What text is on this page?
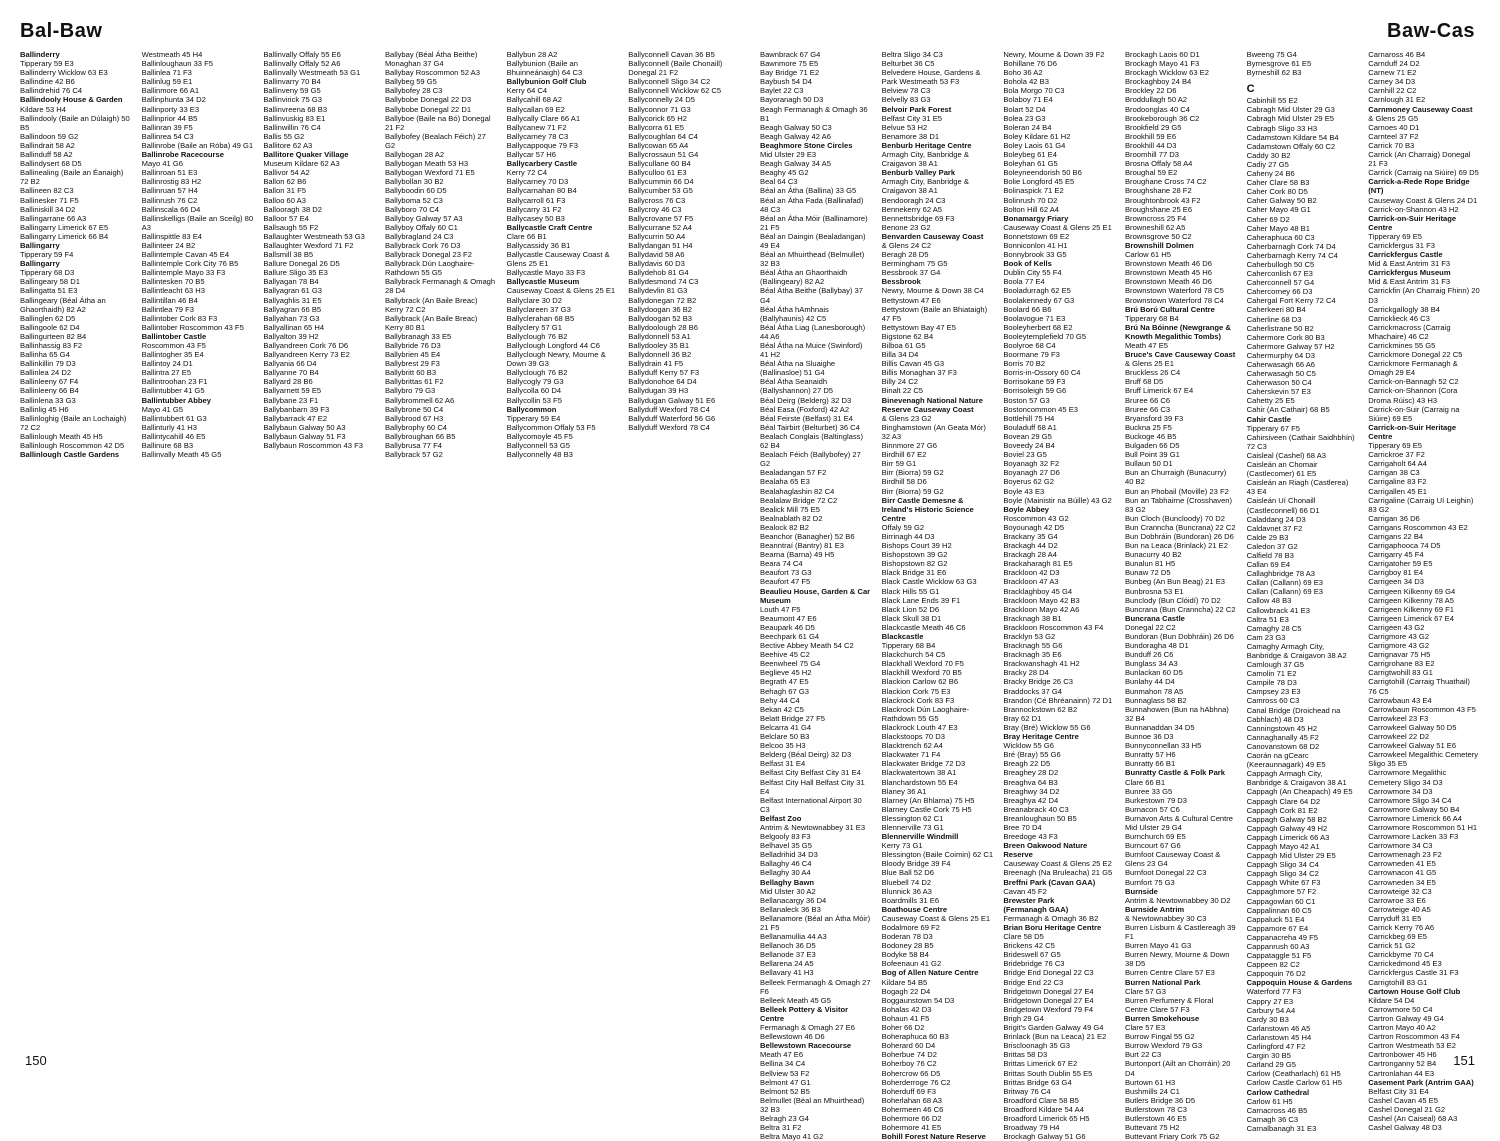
Bal-Baw
Ballinderry
Tipperary 59 E3
Ballinderry Wicklow 63 E3
Ballindine 42 B6
Ballindrehid 76 C4
Ballindooly House & Garden
Kildare 53 H4
Ballindooly (Baile an Dúlaigh) 50 B5
Ballindoon 59 G2
Ballindrait 58 A2
Ballinduff 58 A2
Ballindysert 68 D5
Ballinealing (Baile an Éanaigh) 72 B2
Ballineen 82 C3
Ballinesker 71 F5
Balliniskill 34 D2
Ballingarrane 66 A3
Ballingarry Limerick 67 E5
Ballingarry Limerick 66 B4
Ballingarry
Tipperary 59 F4
Ballingarry
Tipperary 68 D3
Ballingeary 58 D1
Ballingatta 51 E3
Ballingeary (Béal Átha an Ghaorthaidh) 82 A2
Ballinglen 62 D5
Ballingoole 62 D4
Ballingurteen 82 B4
Ballinhassig 83 F2
Ballinha 65 G4
Ballinkillin 79 D3
Ballinlea 24 D2
Ballinleeny 67 F4
Ballinleeny 66 B4
Ballinlena 33 G3
Ballinlig 45 H6
Ballinloghig (Baile an Lochaigh) 72 C2
Ballinlough Meath 45 H5
Ballinlough Roscommon 42 D5
Ballinlough Castle Gardens
Westmeath 45 H4
Ballinloughaun 33 F5
Ballinlea 71 F3
Ballinlug 59 E1
Ballinmore 66 A1
Ballinphunta 34 D2
Ballinporty 33 E3
Ballinprior 44 B5
Ballinran 39 F5
Ballinrea 54 C3
Ballinrobe (Baile an Róba) 49 G1
Ballinrobe Racecourse
Mayo 41 G6
Ballinroan 51 E3
Ballinrostig 83 H2
Ballinruan 57 H4
Ballinrush 76 C2
Ballinscala 66 D4
Ballinskelligs (Baile an Sceilg) 80 A3
Ballinspittle 83 E4
Ballinteer 24 B2
Ballintemple Cavan 45 E4
Ballintemple Cork City 76 B5
Ballintemple Mayo 33 F3
Ballintesken 70 B5
Ballintleacht 63 H3
Ballintillan 46 B4
Ballintlea 79 F3
Ballintober Cork 83 F3
Ballintober Roscommon 43 F5
Ballintober Castle
Roscommon 43 F5
Ballintogher 35 E4
Ballintoy 24 D1
Ballintra 27 E5
Ballintroohan 23 F1
Ballintubber 41 G5
Ballintubber Abbey
Mayo 41 G5
Ballintubbert 61 G3
Ballinturly 41 H3
Ballintycahill 46 E5
Ballinure 68 B3
Ballinvally Meath 45 G5
Ballinvally Offaly 55 E6
Ballinvally Offaly 52 A6
Ballinvally Westmeath 53 G1
Ballinvarry 70 B4
Ballinveny 59 G5
Ballinvirick 75 G3
Ballinvreena 68 B3
Ballinvuskig 83 E1
Ballinwillin 76 C4
Ballis 55 G2
Ballitore 62 A3
Ballitore Quaker Village
Museum Kildare 62 A3
Ballivor 54 A2
Ballon 62 B6
Ballon 31 F5
Balloo 60 A3
Ballooragh 38 D2
Balloor 57 E4
Ballsaugh 55 F2
Ballaughter Westmeath 53 G3
Ballaughter Wexford 71 F2
Ballsmill 38 B5
Ballure Donegal 26 D5
Ballure Sligo 35 E3
Ballyagan 78 B4
Ballyagran 61 G3
Ballyaghlis 31 E5
Ballyagran 66 B5
Ballyahan 73 G3
Ballyallinan 65 H4
Ballyalton 39 H2
Ballyandreen Cork 76 D6
Ballyandreen Kerry 73 E2
Ballyania 66 D4
Ballyanne 70 B4
Ballyard 28 B6
Ballyarnett 59 E5
Ballybane 23 F1
Ballybanbarn 39 F3
Ballybarrack 47 E2
Ballybaun Galway 50 A3
Ballybaun Galway 51 F3
Ballybaun Roscommon 43 F3
Ballybay (Béal Átha Beithe) Monaghan 37 G4
Ballybay Roscommon 52 A3
Ballybeg 59 G5
Ballybofey 28 C3
Ballybobe Donegal 22 D3
Ballybobe Donegal 22 D1
Ballyboe (Baile na Bó) Donegal 21 F2
Ballybofey (Bealach Féich) 27 G2
Ballybogan 28 A2
Ballybogan Meath 53 H3
Ballybogan Wexford 71 E5
Ballybollan 30 B2
Ballyboodin 60 D5
Ballyboma 52 C3
Ballyboro 70 C4
Ballyboy Galway 57 A3
Ballyboy Offaly 60 C1
Ballybragland 24 C3
Ballybrack Cork 76 D3
Ballybrack Donegal 23 F2
Ballybrack Dún Laoghaire-Rathdown 55 G5
Ballybrack Fermanagh & Omagh 28 D4
Ballybrack (An Baile Breac) Kerry 72 C2
Ballybrack (An Baile Breac) Kerry 80 B1
Ballybranagh 33 E5
Ballybride 76 D3
Ballybrien 45 E4
Ballybrest 29 F3
Ballybritt 60 B3
Ballybrittas 61 F2
Ballybro 79 G3
Ballybrommell 62 A6
Ballybrone 50 C4
Ballybrood 67 H3
Ballybrophy 60 C4
Ballybroughan 66 B5
Ballybrusa 77 F4
Ballybrack 57 G2
Ballybun 28 A2
Ballybunion (Baile an Bhuinneánaigh) 64 C3
Ballybunion Golf Club
Kerry 64 C4
Ballycahill 68 A2
Ballycallan 69 E2
Ballycally Clare 66 A1
Ballycanew 71 F2
Ballycarney 78 C3
Ballycappoque 79 F3
Ballycar 57 H6
Ballycarbery Castle
Kerry 72 C4
Ballycarney 70 D3
Ballycarnahan 80 B4
Ballycarroll 61 F3
Ballycarry 31 F2
Ballycasey 50 B3
Ballycastle Craft Centre
Clare 66 B1
Ballycassidy 36 B1
Ballycastle Causeway Coast & Glens 25 E1
Ballycastle Mayo 33 F3
Ballycastle Museum
Causeway Coast & Glens 25 E1
Ballyclare 30 D2
Ballyclareen 37 G3
Ballyclerahan 68 B5
Ballyclery 57 G1
Ballyclough 76 B2
Ballyclough Longford 44 C6
Ballyclough Newry, Mourne & Down 39 G3
Ballyclough 76 B2
Ballycogly 79 G3
Ballycolla 60 D4
Ballycollin 53 F5
Ballycommon
Tipperary 59 E4
Ballycommon Offaly 53 F5
Ballycomoyle 45 F5
Ballyconnell 53 G5
Ballyconnelly 48 B3
Ballyconnell Cavan 36 B5
Ballyconnell (Baile Chonaill) Donegal 21 F2
Ballyconnell Sligo 34 C2
Ballyconnell Wicklow 62 C5
Ballyconnelly 24 D5
Ballyconnor 71 G3
Ballycorick 65 H2
Ballycorra 61 E5
Ballycoughlan 64 C4
Ballycowan 65 A4
Ballycrossaun 51 G4
Ballycullane 60 B4
Ballyculloo 61 E3
Ballycummin 66 D4
Ballycumber 53 G5
Ballycross 76 C3
Ballycroy 46 C3
Ballycrovane 57 F5
Ballycurrane 52 A4
Ballycurrin 50 A4
Ballydangan 51 H4
Ballydavid 58 A6
Ballydavis 60 D3
Ballydehob 81 G4
Ballydesmond 74 C3
Ballydevlin 81 G3
Ballydonegan 72 B2
Ballydoogan 36 B2
Ballydoogan 52 B3
Ballydoolough 28 B6
Ballydonnell 53 A1
Ballydooley 35 B1
Ballydonnell 36 B2
Ballydrain 41 F5
Ballyduff Kerry 57 F3
Ballydonohoe 64 D4
Ballydugan 39 H3
Ballydugan Galway 51 E6
Ballyduff Wexford 78 C4
Ballyduff Waterford 56 G6
Ballyduff Wexford 78 C4
150
Baw-Cas
Bawnbrack 67 G4
Bawnmore 75 E5
Bay Bridge 71 E2
Baybush 54 D4
Baylet 22 C3
Bayoranagh 50 D3
Beagh Fermanagh & Omagh 36 B1
Beagh Galway 50 C3
Beagh Galway 42 A6
Beaghmore Stone Circles
Mid Ulster 29 E3
Beagh Galway 34 A5
Beaghy 45 G2
Beal 64 C3
Béal an Átha (Ballina) 33 G5
Béal an Átha Fada (Ballinafad) 48 C3
Béal an Átha Móir (Ballinamore) 21 F5
Béal an Daingin (Bealadangan) 49 E4
Béal an Mhuirthead (Belmullet) 32 B3
Béal Átha an Ghaorthaidh (Ballingeary) 82 A2
Béal Átha Beithe (Ballybay) 37 G4
Béal Átha hAmhnais (Ballyhaunis) 42 C5
Béal Átha Liag (Lanesborough) 44 A6
Béal Átha na Muice (Swinford) 41 H2
Béal Átha na Sluaighe (Ballinasloe) 51 G4
Béal Átha Seanaidh (Ballyshannon) 27 D5
Béal Deirg (Belderg) 32 D3
Béal Easa (Foxford) 42 A2
Béal Feirste (Belfast) 31 E4
Béal Tairbirt (Belturbet) 36 C4
Bealach Conglais (Baltinglass) 62 B4
Bealach Féich (Ballybofey) 27 G2
Bealadangan 57 F2
Bealaha 65 E3
Bealahaglashin 82 C4
Bealalaw Bridge 72 C2
Bealick Mill 75 E5
Bealnablath 82 D2
Bealock 82 B2
Beanchor (Banagher) 52 B6
Beanntraí (Bantry) 81 E3
Bearna (Barna) 49 H5
Beara 74 C4
Beaufort 73 G3
Beaufort 47 F5
Beaulieu House, Garden & Car Museum
Louth 47 F5
Beaumont 47 E6
Beaupark 46 D5
Beechpark 61 G4
Bective Abbey Meath 54 C2
Beehive 45 C2
Beenwheel 75 G4
Beglieve 45 H2
Begrath 47 E5
Behagh 67 G3
Behy 44 C4
Bekan 42 C5
Belatt Bridge 27 F5
Belcarra 41 G4
Belclare 50 B3
Belcoo 35 H3
Belderg (Béal Deirg) 32 D3
Belfast 31 E4
Belfast City Belfast City 31 E4
Belfast City Hall Belfast City 31 E4
Belfast International Airport 30 C3
Belfast Zoo
Antrim & Newtownabbey 31 E3
Belgooly 83 F3
Belhavel 35 G5
Belladrihid 34 D3
Ballaghy 46 C4
Bellaghy 30 A4
Bellaghy Bawn
Mid Ulster 30 A2
Bellanacargy 36 D4
Bellanaleck 36 B3
Bellanamore (Béal an Átha Móir) 21 F5
Bellanamullia 44 A3
Bellanoch 36 D5
Bellanode 37 E3
Bellarena 24 A5
Bellavary 41 H3
Belleek Fermanagh & Omagh 27 F6
Belleek Meath 45 G5
Belleek Pottery & Visitor Centre
Fermanagh & Omagh 27 E6
Bellewstown 46 D6
Bellewstown Racecourse
Meath 47 E6
Bellina 34 C4
Bellview 53 F2
Belmont 47 G1
Belmont 52 B5
Belmullet (Béal an Mhuirthead) 32 B3
Belragh 23 G4
Beltra 31 F2
Beltra Mayo 41 G2
Beltra Sligo 34 C3
Belturbet 36 C5
Belvedere House, Gardens & Park Westmeath 53 F3
Belview 78 C3
Belvelly 83 G3
Belvoir Park Forest
Belfast City 31 E5
Belvue 53 H2
Benamore 38 D1
Benburb Heritage Centre
Armagh City, Banbridge & Craigavon 38 A1
Benburb Valley Park
Armagh City, Banbridge & Craigavon 38 A1
Bendooragh 24 C3
Bennekerry 62 A5
Bennettsbridge 69 F3
Benone 23 G2
Benvarden Causeway Coast
& Glens 24 C2
Beragh 28 D5
Bermingham 75 G5
Bessbrook 37 G4
Bessbrook
Newry, Mourne & Down 38 C4
Bettystown 47 E6
Bettystown (Baile an Bhiataigh) 47 F5
Bettystown Bay 47 E5
Bigstone 62 B4
Bilboa 61 G5
Billa 34 D4
Billis Cavan 45 G3
Billis Monaghan 37 F3
Billy 24 C2
Binalt 22 C5
Binevenagh National Nature Reserve Causeway Coast
& Glens 23 G2
Binghamstown (An Geata Mór) 32 A3
Binnmore 27 G6
Birdhill 67 E2
Birr 59 G1
Birr (Biorra) 59 G2
Birdhill 58 D6
Birr (Biorra) 59 G2
Birr Castle Demesne & Ireland's Historic Science Centre
Offaly 59 G2
Birrinagh 44 D3
Bishops Court 39 H2
Bishopstown 39 G2
Bishopstown 82 G2
Black Bridge 31 E6
Black Castle Wicklow 63 G3
Black Hills 55 G1
Black Lane Ends 39 F1
Black Lion 52 D6
Black Skull 38 D1
Blackcastle Meath 46 C6
Blackcastle
Tipperary 68 B4
Blackchurch 54 C5
Blackhall Wexford 70 F5
Blackhill Wexford 70 B5
Blackion Carlow 62 B6
Blackion Cork 75 E3
Blackrock Cork 83 F3
Blackrock Dún Laoghaire-Rathdown 55 G5
Blackrock Louth 47 E3
Blackstoops 70 D3
Blacktrench 62 A4
Blackwater 71 F4
Blackwater Bridge 72 D3
Blackwatertown 38 A1
Blanchardstown 55 E4
Blaney 36 A1
Blarney (An Bhlarna) 75 H5
Blarney Castle Cork 75 H5
Blessington 62 C1
Blennerville 73 G1
Blennerville Windmill
Kerry 73 G1
Blessington (Baile Coimin) 62 C1
Bloody Bridge 39 F4
Blue Ball 52 D6
Bluebell 74 D2
Blunnick 36 A3
Boardmills 31 E6
Boathouse Centre
Causeway Coast & Glens 25 E1
Bodalmore 69 F2
Boderan 78 D3
Bodoney 28 B5
Bodyke 58 B4
Bofeenaun 41 G2
Bog of Allen Nature Centre
Kildare 54 B5
Bogagh 22 D4
Boggaunstown 54 D3
Bohalas 42 D3
Bohaun 41 F5
Boher 66 D2
Boheraphuca 60 B3
Boherard 60 D4
Boherbue 74 D2
Boherboy 76 C2
Bohercrow 66 D5
Boherderroge 76 C2
Boherduff 69 F3
Boherlahan 68 A3
Bohermeen 46 C6
Bohermore 66 D2
Bohermore 41 E5
Bohill Forest Nature Reserve
Newry, Mourne & Down 39 F2
Bohillane 76 D6
Boho 36 A2
Bohola 42 B3
Bola Morgo 70 C3
Bolaboy 71 E4
Bolart 52 D4
Bolea 23 G3
Boleran 24 B4
Boley Kildare 61 H2
Boley Laois 61 G4
Boleybeg 61 E4
Boleyhan 61 G5
Boleyneendorish 50 B6
Bolie Longford 45 E5
Bolinaspick 71 E2
Bolinrush 70 D2
Bolton Hill 62 A4
Bonamargy Friary
Causeway Coast & Glens 25 E1
Bonnetstown 69 E2
Bonniconlon 41 H1
Bonnybrook 33 G5
Book of Kells
Dublin City 55 F4
Boola 77 E4
Booladurragh 62 E5
Boolakennedy 67 G3
Boolard 66 B6
Boolavogue 71 E3
Booleyherbert 68 E2
Booleytemplefield 70 G5
Boolyroe 68 C4
Boormane 79 F3
Borris 70 B2
Borris-in-Ossory 60 C4
Borrisokane 59 F3
Borrisoleigh 59 G6
Boston 57 G3
Bostoncommon 45 E3
Bottlehill 75 H4
Bouladuff 68 A1
Bovean 29 G5
Boveedy 24 B4
Boviel 23 G5
Boyanagh 32 F2
Boyanagh 27 D6
Boyerus 62 G2
Boyle 43 E3
Boyle (Mainistir na Búille) 43 G2
Boyle Abbey
Roscommon 43 G2
Boyounagh 42 D5
Brackany 35 G4
Brackagh 44 D2
Brackagh 28 A4
Brackaharagh 81 E5
Brackloon 42 D3
Brackloon 47 A3
Bracklaghboy 45 G4
Brackloon Mayo 42 B3
Brackloon Mayo 42 A6
Bracknagh 38 B1
Brackloon Roscommon 43 F4
Bracklyn 53 G2
Bracknagh 55 G6
Bracknagh 35 E6
Brackwanshagh 41 H2
Bracky 28 D4
Bracky Bridge 26 C3
Braddocks 37 G4
Brandon (Cé Bhréanainn) 72 D1
Brannockstown 62 B2
Bray 62 D1
Bray (Bré) Wicklow 55 G6
Bray Heritage Centre
Wicklow 55 G6
Bré (Bray) 55 G6
Breagh 22 D5
Breaghey 28 D2
Breaghva 64 B3
Breaghwy 34 D2
Breaghya 42 D4
Breanabrack 40 C3
Breanloughaun 50 B5
Bree 70 D4
Breedoge 43 F3
Breen Oakwood Nature Reserve
Causeway Coast & Glens 25 E2
Breenagh (Na Bruleacha) 21 G5
Breffni Park (Cavan GAA)
Cavan 45 F2
Brewster Park
(Fermanagh GAA)
Fermanagh & Omagh 36 B2
Brian Boru Heritage Centre
Clare 58 D5
Brickens 42 C5
Brideswell 67 G5
Bridebridge 76 C3
Bridge End Donegal 22 C3
Bridge End 22 C3
Bridgetown Donegal 27 E4
Bridgetown Donegal 27 E4
Bridgetown Wexford 79 F4
Brigh 29 G4
Brigit's Garden Galway 49 G4
Brinlack (Bun na Leaca) 21 E2
Briscloonagh 35 G3
Brittas 58 D3
Brittas Limerick 67 E2
Brittas South Dublin 55 E5
Brittas Bridge 63 G4
Britway 76 C4
Broadford Clare 58 B5
Broadford Kildare 54 A4
Broadford Limerick 65 H5
Broadway 79 H4
Brockagh Galway 51 G6
Brockagh Laois 60 D1
Brockagh Mayo 41 F3
Brockagh Wicklow 63 E2
Brockaghboy 24 B4
Brockley 22 D6
Broddullagh 50 A2
Brodoonglas 40 C4
Brookeborough 36 C2
Brookfield 29 G5
Brookhill 59 E6
Brookhill 44 D3
Broomhill 77 D3
Brosna Offaly 58 A4
Broughal 59 E2
Broughane Cross 74 C2
Broughshane 28 F2
Broughtonbrook 43 F2
Broughshane 25 E6
Browncross 25 F4
Browneshill 62 A5
Brownsgrove 50 C2
Brownshill Dolmen
Carlow 61 H5
Brownstown Meath 46 D6
Brownstown Meath 45 H6
Brownstown Meath 46 D6
Brownstown Waterford 78 C5
Brownstown Waterford 78 C4
Brú Ború Cultural Centre
Tipperary 68 B4
Brú Na Bóinne (Newgrange & Knowth Megalithic Tombs)
Meath 47 E5
Bruce's Cave Causeway Coast
& Glens 25 E1
Bruckless 26 C4
Bruff 68 D5
Bruff Limerick 67 E4
Bruree 66 C6
Bruree 66 C3
Bryansford 39 F3
Buckna 25 F5
Buckoge 46 B5
Bulgaden 66 D5
Bull Point 39 G1
Bullaun 50 D1
Bun an Churraigh (Bunacurry) 40 B2
Bun an Phobail (Moville) 23 F2
Bun an Tabhairne (Crosshaven) 83 G2
Bun Cloch (Buncloody) 70 D2
Bun Cranncha (Buncrana) 22 C2
Bun Dobhráin (Bundoran) 26 D6
Bun na Leaca (Brinlack) 21 E2
Bunacurry 40 B2
Bunalun 81 H5
Bunaw 72 D5
Bunbeg (An Bun Beag) 21 E3
Bunbrosna 53 E1
Bunclody (Bun Clóidí) 70 D2
Buncrana (Bun Cranncha) 22 C2
Buncrana Castle
Donegal 22 C2
Bundoran (Bun Dobhráin) 26 D6
Bundoragha 48 D1
Bunduff 26 C6
Bunglass 34 A3
Bunlackan 60 D5
Bunlahy 44 D4
Bunmahon 78 A5
Bunnaglass 58 B2
Bunnahowen (Bun na hAbhna) 32 B4
Bunnanaddan 34 D5
Bunnoe 36 D3
Bunnyconnellan 33 H5
Bunratty 57 H6
Bunratty 66 B1
Bunratty Castle & Folk Park
Clare 66 B1
Bunree 33 G5
Burkestown 79 D3
Burnacon 57 C6
Burnavon Arts & Cultural Centre Mid Ulster 29 G4
Burnchurch 69 E5
Burncourt 67 G6
Burnfoot Causeway Coast & Glens 23 G4
Burnfoot Donegal 22 C3
Burnfort 75 G3
Burnside
Antrim & Newtownabbey 30 D2
Burnside Antrim
& Newtownabbey 30 C3
Burren Lisburn & Castlereagh 39 F1
Burren Mayo 41 G3
Burren Newry, Mourne & Down 38 D5
Burren Centre Clare 57 E3
Burren National Park
Clare 57 G3
Burren Perfumery & Floral Centre Clare 57 F3
Burren Smokehouse
Clare 57 E3
Burrow Fingal 55 G2
Burrow Wexford 79 G3
Burt 22 C3
Burtonport (Ailt an Chorráin) 20 D4
Burtown 61 H3
Bushmills 24 C1
Butlers Bridge 36 D5
Butlerstown 78 C3
Butlerstown 46 E5
Buttevant 75 H2
Buttevant Friary Cork 75 G2
Bweeng 75 G4
Byrnesgrove 61 E5
Byrneshill 62 B3
C
Cabinhill 55 E2
Cabragh Mid Ulster 29 G3
Cabragh Mid Ulster 29 E5
Cabragh Sligo 33 H3
Cadamstown Kildare 54 B4
Cadamstown Offaly 60 C2
Caddy 30 B2
Cadiy 27 G5
Caheny 24 B6
Caher Clare 58 B3
Caher Cork 80 D5
Caher Galway 50 B2
Caher Mayo 49 G1
Caher 69 D2
Caher Mayo 48 B1
Caheraphuca 60 C3
Caherbarnagh Cork 74 D4
Caherbarnagh Kerry 74 C4
Caherbullogh 50 C5
Caherconlish 67 E3
Caherconnell 57 G4
Cahercorney 66 D3
Cahergal Fort Kerry 72 C4
Caherkeeri 80 B4
Caherline 68 D3
Caherlistrane 50 B2
Cahermore Cork 80 B3
Cahermore Galway 57 H2
Cahermurphy 64 D3
Caherwasagh 66 A6
Caherwasagh 50 C5
Caherwason 50 C4
Caherskevin 57 E3
Cahetty 25 E5
Cahir (An Cathair) 68 B5
Cahir Castle
Tipperary 67 F5
Cahirsiveen (Cathair Saidhbhín) 72 C3
Caisleal (Cashel) 68 A3
Caisleán an Chomair (Castlecomer) 61 E5
Caisleán an Riagh (Castlerea) 43 E4
Caisleán Uí Chonaill (Castleconnell) 66 D1
Caladdang 24 D3
Caldavnet 37 F2
Calde 29 B3
Caledon 37 G2
Calfield 78 B3
Callan 69 E4
Callaghbridge 78 A3
Callan (Callann) 69 E3
Callan (Callann) 69 E3
Callow 48 B3
Callowbrack 41 E3
Caltra 51 E3
Camaghy 28 C5
Cam 23 G3
Camaghy Armagh City, Banbridge & Craigavon 38 A2
Camlough 37 G5
Camolin 71 E2
Campile 78 D3
Campsey 23 E3
Camross 60 C3
Canal Bridge (Droichead na Cabhlach) 48 D3
Canningstown 45 H2
Cannaghanally 45 F2
Canovanstown 68 D2
Caorán na gCearc (Keeraunnagark) 49 E5
Cappagh Armagh City, Banbridge & Craigavon 38 A1
Cappagh (An Cheapach) 49 E5
Cappagh Clare 64 D2
Cappagh Cork 81 E2
Cappagh Galway 58 B2
Cappagh Galway 49 H2
Cappagh Limerick 66 A3
Cappagh Mayo 42 A1
Cappagh Mid Ulster 29 E5
Cappagh Sligo 34 C4
Cappagh Sligo 34 C2
Cappagh White 67 F3
Cappaghmore 57 F2
Cappagowlan 60 C1
Cappalinnan 60 C5
Cappaluck 51 E4
Cappamore 67 E4
Cappanacreha 49 F5
Cappanrush 60 A3
Cappataggle 51 F5
Cappeen 82 C2
Cappoquin 76 D2
Cappoquin House & Gardens
Waterford 77 F3
Cappry 27 E3
Carbury 54 A4
Cardy 30 B3
Carlanstown 46 A5
Carlanstown 45 H4
Carlingford 47 F2
Cargin 30 B5
Carland 29 G5
Carlow (Ceatharlach) 61 H5
Carlow Castle Carlow 61 H5
Carlow Cathedral
Carlow 61 H5
Carnacross 46 B5
Carnagh 36 C3
Carnalbanagh 31 E3
Carnaross 46 B4
Carnduff 24 D2
Carnew 71 E2
Carney 34 D3
Carnhill 22 C2
Carnlough 31 E2
Carnmoney Causeway Coast
& Glens 25 G5
Carnoes 40 D1
Carnteel 37 F2
Carrick 70 B3
Carrick (An Charraig) Donegal 21 F3
Carrick (Carraig na Siúire) 69 D5
Carrick-a-Rede Rope Bridge (NT)
Causeway Coast & Glens 24 D1
Carrick-on-Shannon 43 H2
Carrick-on-Suir Heritage Centre
Tipperary 69 E5
Carrickfergus 31 F3
Carrickfergus Castle
Mid & East Antrim 31 F3
Carrickfergus Museum
Mid & East Antrim 31 F3
Carrickfin (An Charraig Fhinn) 20 D3
Carrickgallogly 38 B4
Carricklieck 46 C3
Carrickmacross (Carraig Mhachaire) 46 C2
Carrickmines 55 G5
Carrickmore Donegal 22 C5
Carrickmore Fermanagh & Omagh 29 E4
Carrick-on-Bannagh 52 C2
Carrick-on-Shannon (Cora Droma Rúisc) 43 H3
Carrick-on-Suir (Carraig na Siúire) 69 E5
Carrick-on-Suir Heritage Centre
Tipperary 69 E5
Carrickroe 37 F2
Carrigaholt 64 A4
Carrigan 38 C3
Carrigaline 83 F2
Carrigallen 45 E1
Carrigaline (Carraig Uí Leighin) 83 G2
Carrigan 36 D6
Carrigans Roscommon 43 E2
Carrigans 22 B4
Carrigaphooca 74 D5
Carrigarry 45 F4
Carrigatoher 59 E5
Carrigboy 81 E4
Carrigeen 34 D3
Carrigeen Kilkenny 69 G4
Carrigeen Kilkenny 78 A5
Carrigeen Kilkenny 69 F1
Carrigeen Limerick 67 E4
Carrigeen 43 G2
Carrigmore 43 G2
Carrigmore 43 G2
Carrignavar 75 H5
Carrigrohane 83 E2
Carrigtwohill 83 G1
Carrigtohill (Carraig Thuathail) 76 C5
Carrowbaun 43 E4
Carrowbaun Roscommon 43 F5
Carrowkeel 23 F3
Carrowkeel Galway 50 D5
Carrowkeel 22 D2
Carrowkeel Galway 51 E6
Carrowkeel Megalithic Cemetery Sligo 35 E5
Carrowmore Megalithic Cemetery Sligo 34 D3
Carrowmore 34 D3
Carrowmore Sligo 34 C4
Carrowmore Galway 50 B4
Carrowmore Limerick 66 A4
Carrowmore Roscommon 51 H1
Carrowmore Lacken 33 F3
Carrowmore 34 C3
Carrowmenagh 23 F2
Carrowneden 41 E5
Carrownacon 41 G5
Carrowneden 34 E5
Carrowteige 32 C3
Carrowroe 33 E6
Carrowteige 40 A5
Carryduff 31 E5
Carrick Kerry 76 A6
Carrickbeg 69 E5
Carrick 51 G2
Carrickbyrne 70 C4
Carrickedmond 45 E3
Carrickfergus Castle 31 F3
Carrigtohill 83 G1
Cartown House Golf Club
Kildare 54 D4
Carrowmore 50 C4
Cartron Galway 49 G4
Cartron Mayo 40 A2
Cartron Roscommon 43 F4
Cartron Westmeath 53 E2
Cartronbower 45 H6
Cartronganny 52 B4
Cartronlahan 44 E3
Casement Park (Antrim GAA)
Belfast City 31 E4
Cashel Cavan 45 E5
Cashel Donegal 21 G2
Cashel (An Caiseal) 68 A3
Cashel Galway 48 D3
151
